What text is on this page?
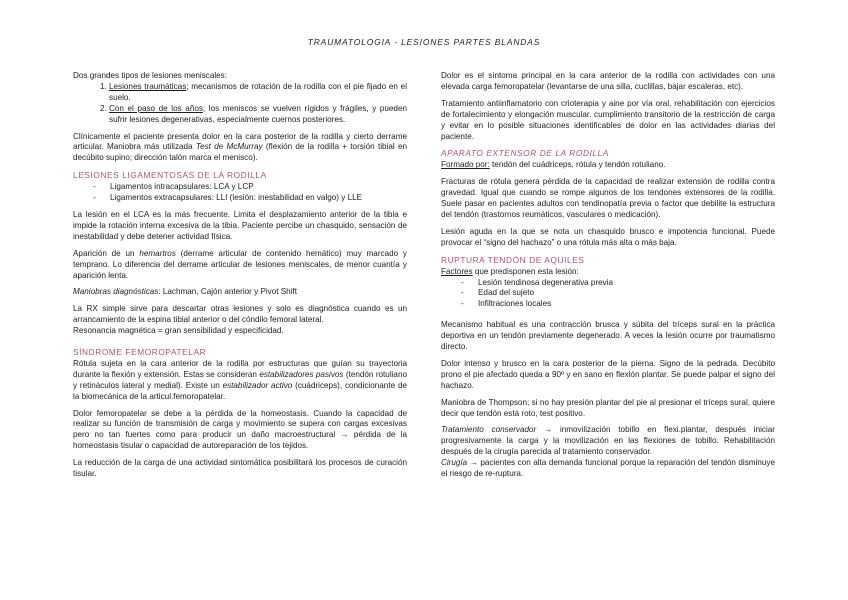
TRAUMATOLOGIA - LESIONES PARTES BLANDAS

Dos grandes tipos de lesiones meniscales:

1. Lesiones traumáticas; mecanismos de rotación de la rodilla con el pie fijado en el suelo.
2. Con el paso de los años; los meniscos se vuelven rígidos y frágiles, y pueden sufrir lesiones degenerativas, especialmente cuernos posteriores.

Clínicamente el paciente presenta dolor en la cara posterior de la rodilla y cierto derrame articular. Maniobra más utilizada Test de McMurray (flexión de la rodilla + torsión tibial en decúbito supino; dirección talón marca el menisco).

LESIONES LIGAMENTOSAS DE LA RODILLA
- Ligamentos intracapsulares: LCA y LCP
- Ligamentos extracapsulares: LLI (lesión: inestabilidad en valgo) y LLE

La lesión en el LCA es la más frecuente. Limita el desplazamiento anterior de la tibia e impide la rotación interna excesiva de la tibia. Paciente percibe un chasquido, sensación de inestabilidad y debe detener actividad física.

Aparición de un hemartros (derrame articular de contenido hemático) muy marcado y temprano. Lo diferencia del derrame articular de lesiones meniscales, de menor cuantía y aparición lenta.

Maniobras diagnósticas: Lachman, Cajón anterior y Pivot Shift

La RX simple sirve para descartar otras lesiones y solo es diagnóstica cuando es un arrancamiento de la espina tibial anterior o del cóndilo femoral lateral.

Resonancia magnética = gran sensibilidad y especificidad.

SÍNDROME FEMOROPATELAR

Rótula sujeta en la cara anterior de la rodilla por estructuras que guían su trayectoria durante la flexión y extensión. Estas se consideran estabilizadores pasivos (tendón rotuliano y retináculos lateral y medial). Existe un estabilizador activo (cuádriceps), condicionante de la biomecánica de la articul.femoropatelar.

Dolor femoropatelar se debe a la pérdida de la homeostasis. Cuando la capacidad de realizar su función de transmisión de carga y movimiento se supera con cargas excesivas pero no tan fuertes como para producir un daño macroestructural → pérdida de la homeostasis tisular o capacidad de autoreparación de los tejidos.

La reducción de la carga de una actividad sintomática posibilitará los procesos de curación tisular.

Dolor es el síntoma principal en la cara anterior de la rodilla con actividades con una elevada carga femoropatelar (levantarse de una silla, cuclillas, bajar escaleras, etc).

Tratamiento antiinflamatorio con crioterapia y aine por vía oral, rehabilitación con ejercicios de fortalecimiento y elongación muscular. cumplimiento transitorio de la restricción de carga y evitar en lo posible situaciones identificables de dolor en las actividades diarias del paciente.

APARATO EXTENSOR DE LA RODILLA

Formado por: tendón del cuádriceps, rótula y tendón rotuliano.

Fracturas de rótula genera pérdida de la capacidad de realizar extensión de rodilla contra gravedad. Igual que cuando se rompe algunos de los tendones extensores de la rodilla. Suele pasar en pacientes adultos con tendinopatía previa o factor que debilite la estructura del tendón (trastornos reumáticos, vasculares o medicación).

Lesión aguda en la que se nota un chasquido brusco e impotencia funcional. Puede provocar el “signo del hachazo” o una rótula más alta o más baja.

RUPTURA TENDÓN DE AQUILES

Factores que predisponen esta lesión:

- Lesión tendinosa degenerativa previa
- Edad del sujeto
- Infiltraciones locales

Mecanismo habitual es una contracción brusca y súbita del tríceps sural en la práctica deportiva en un tendón previamente degenerado. A veces la lesión ocurre por traumatismo directo.

Dolor intenso y brusco en la cara posterior de la pierna. Signo de la pedrada. Decúbito prono el pie afectado queda a 90º y en sano en flexión plantar. Se puede palpar el signo del hachazo.

Maniobra de Thompson; si no hay presión plantar del pie al presionar el tríceps sural, quiere decir que tendón está roto, test positivo.

Tratamiento conservador → inmovilización tobillo en flexi.plantar, después iniciar progresivamente la carga y la movilización en las flexiones de tobillo. Rehabilitación después de la cirugía parecida al tratamiento conservador.

Cirugía → pacientes con alta demanda funcional porque la reparación del tendón disminuye el riesgo de re-ruptura.
